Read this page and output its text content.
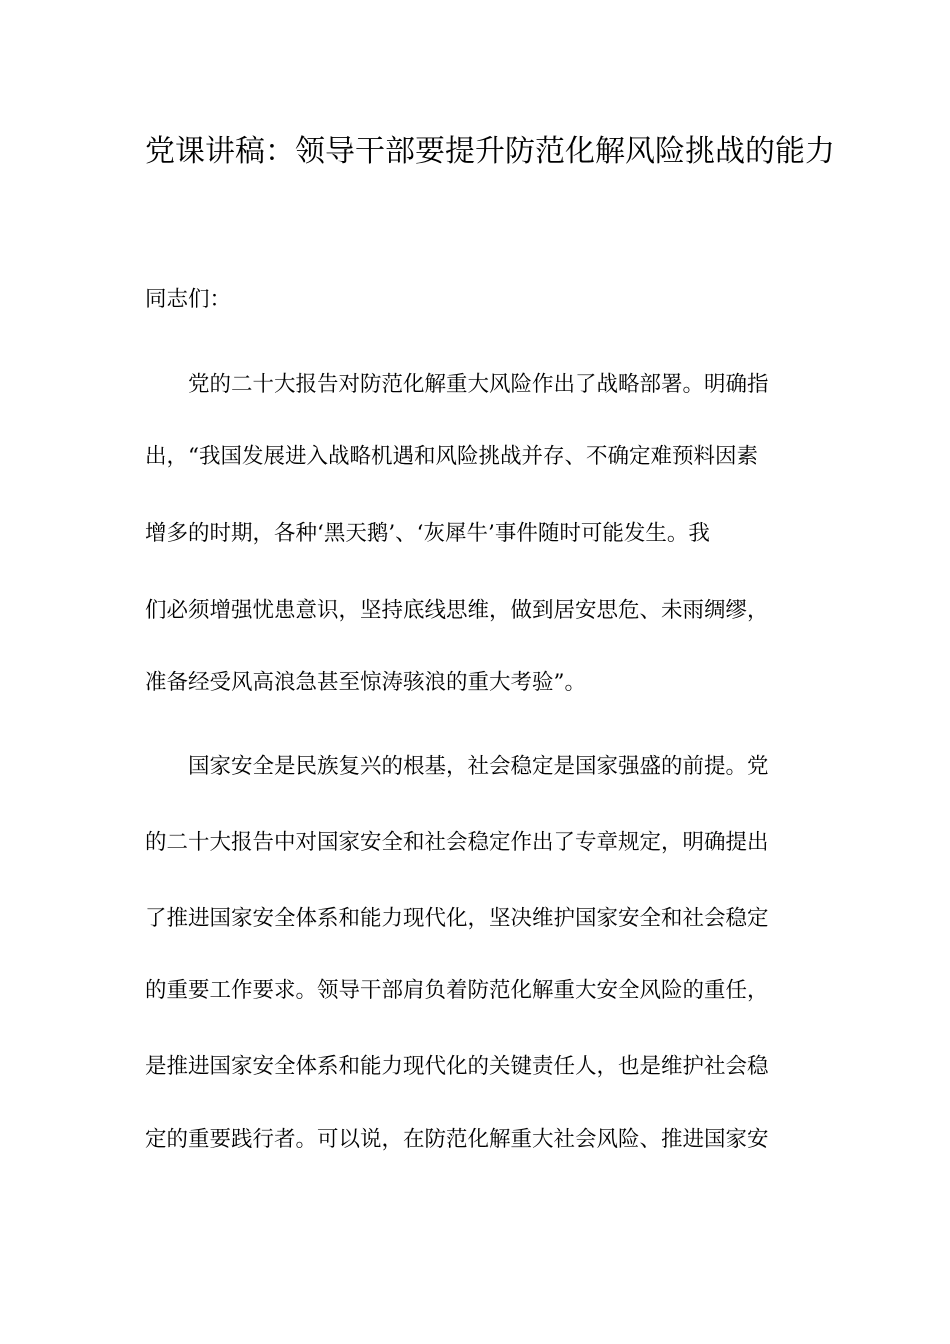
党课讲稿：领导干部要提升防范化解风险挑战的能力
同志们：
党的二十大报告对防范化解重大风险作出了战略部署。明确指
出，“我国发展进入战略机遇和风险挑战并存、不确定难预料因素
增多的时期，各种‘黑天鹅’、‘灰犀牛’事件随时可能发生。我
们必须增强忧患意识，坚持底线思维，做到居安思危、未雨绸缪，
准备经受风高浪急甚至惊涛骇浪的重大考验”。
国家安全是民族复兴的根基，社会稳定是国家强盛的前提。党
的二十大报告中对国家安全和社会稳定作出了专章规定，明确提出
了推进国家安全体系和能力现代化，坚决维护国家安全和社会稳定
的重要工作要求。领导干部肩负着防范化解重大安全风险的重任，
是推进国家安全体系和能力现代化的关键责任人，也是维护社会稳
定的重要践行者。可以说，在防范化解重大社会风险、推进国家安
